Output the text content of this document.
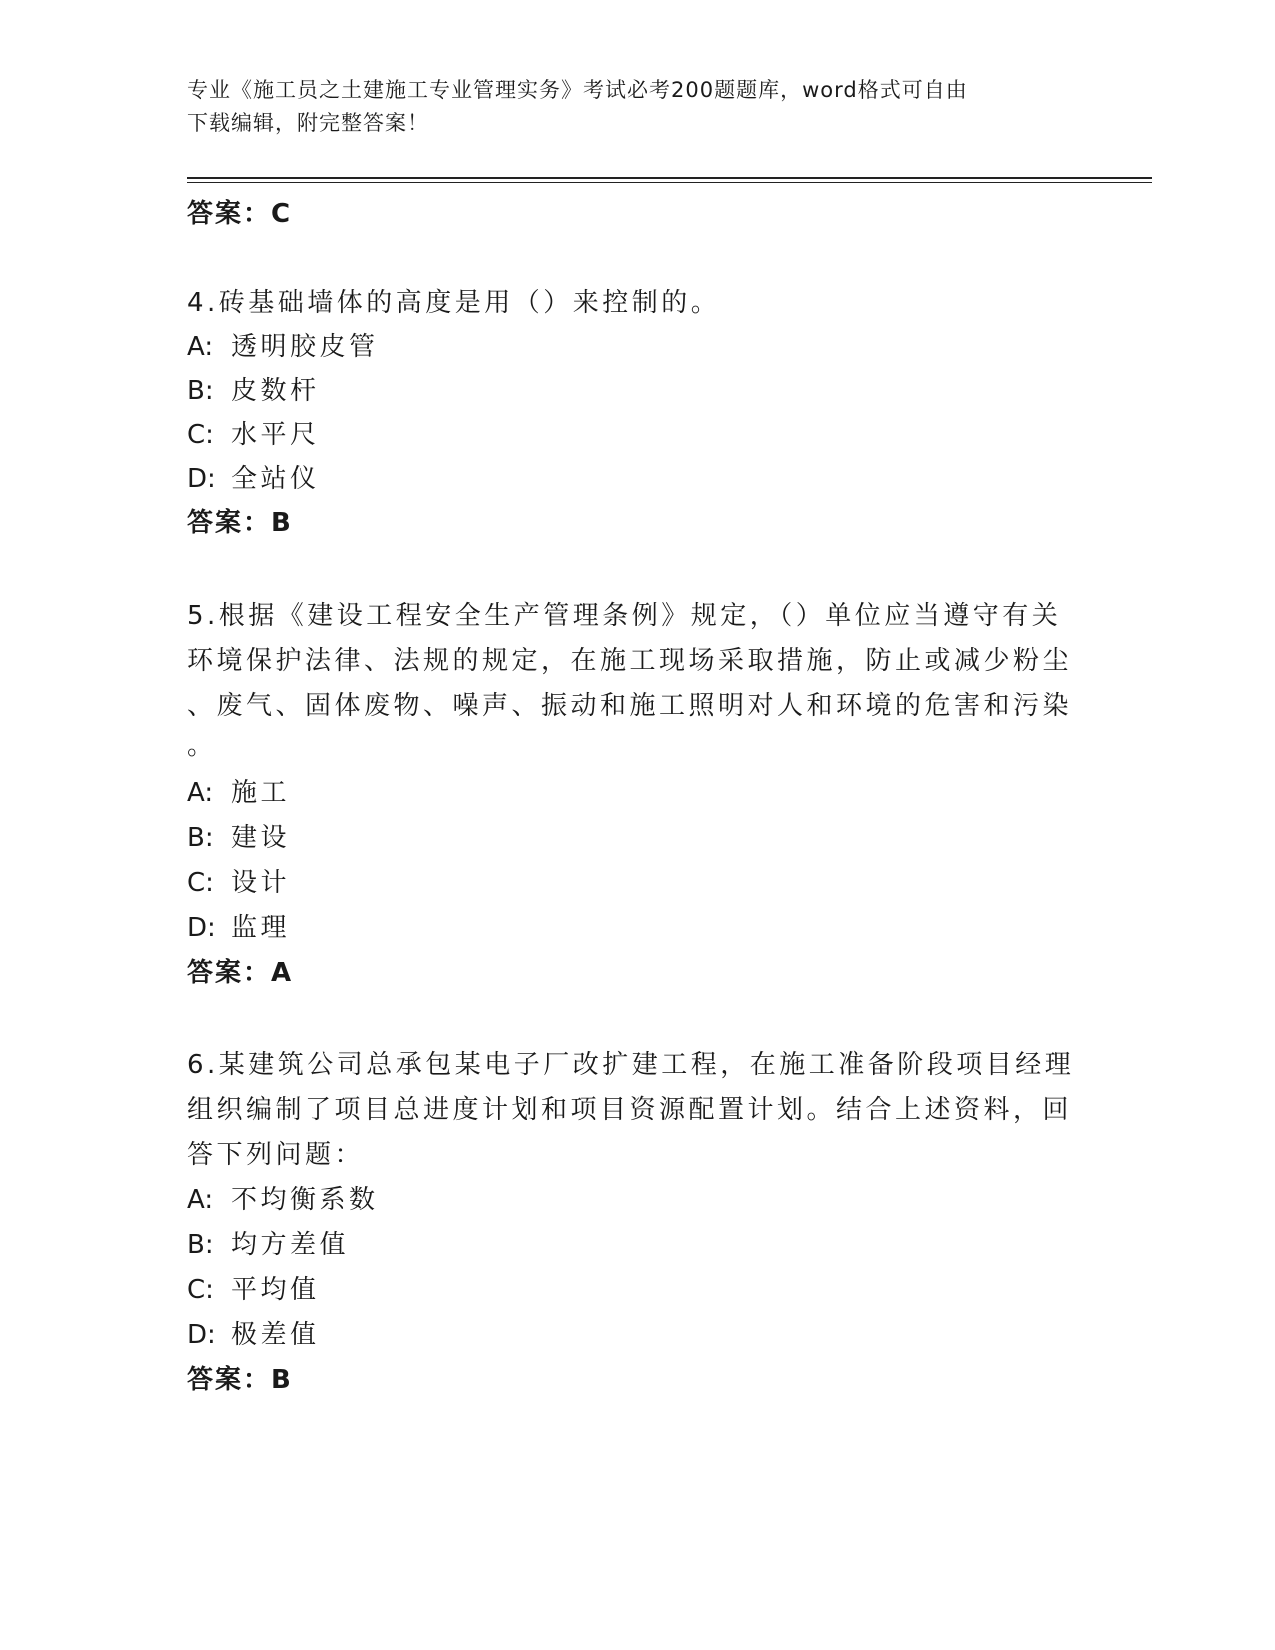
专业《施工员之土建施工专业管理实务》考试必考200题题库，word格式可自由
下载编辑，附完整答案！
答案：C
4.砖基础墙体的高度是用（）来控制的。
A: 透明胶皮管
B: 皮数杆
C: 水平尺
D: 全站仪
答案：B
5.根据《建设工程安全生产管理条例》规定，（）单位应当遵守有关
环境保护法律、法规的规定，在施工现场采取措施，防止或减少粉尘
、废气、固体废物、噪声、振动和施工照明对人和环境的危害和污染
。
A: 施工
B: 建设
C: 设计
D: 监理
答案：A
6.某建筑公司总承包某电子厂改扩建工程，在施工准备阶段项目经理
组织编制了项目总进度计划和项目资源配置计划。结合上述资料，回
答下列问题：
A: 不均衡系数
B: 均方差值
C: 平均值
D: 极差值
答案：B
